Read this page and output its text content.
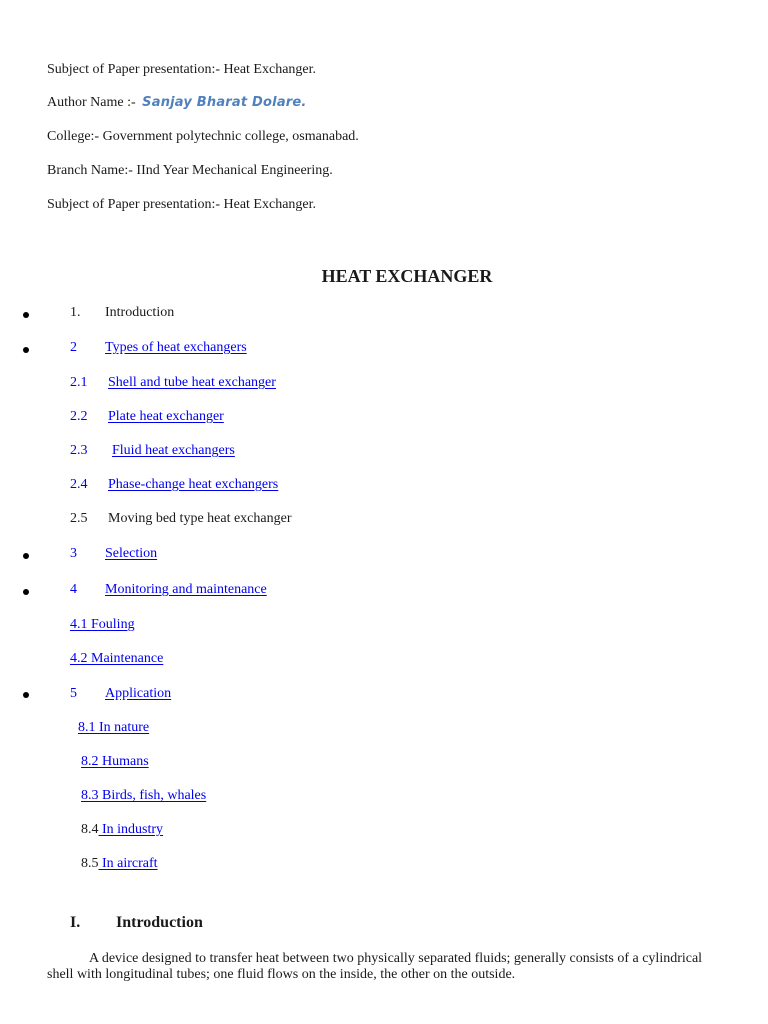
Subject of Paper presentation:- Heat Exchanger.
Author Name :- Sanjay Bharat Dolare.
College:- Government polytechnic college, osmanabad.
Branch Name:- IInd Year Mechanical Engineering.
Subject of Paper presentation:- Heat Exchanger.
HEAT EXCHANGER
1. Introduction
2 Types of heat exchangers
2.1 Shell and tube heat exchanger
2.2 Plate heat exchanger
2.3 Fluid heat exchangers
2.4 Phase-change heat exchangers
2.5 Moving bed type heat exchanger
3 Selection
4 Monitoring and maintenance
4.1 Fouling
4.2 Maintenance
5 Application
8.1 In nature
8.2 Humans
8.3 Birds, fish, whales
8.4 In industry
8.5 In aircraft
I. Introduction
A device designed to transfer heat between two physically separated fluids; generally consists of a cylindrical shell with longitudinal tubes; one fluid flows on the inside, the other on the outside.
